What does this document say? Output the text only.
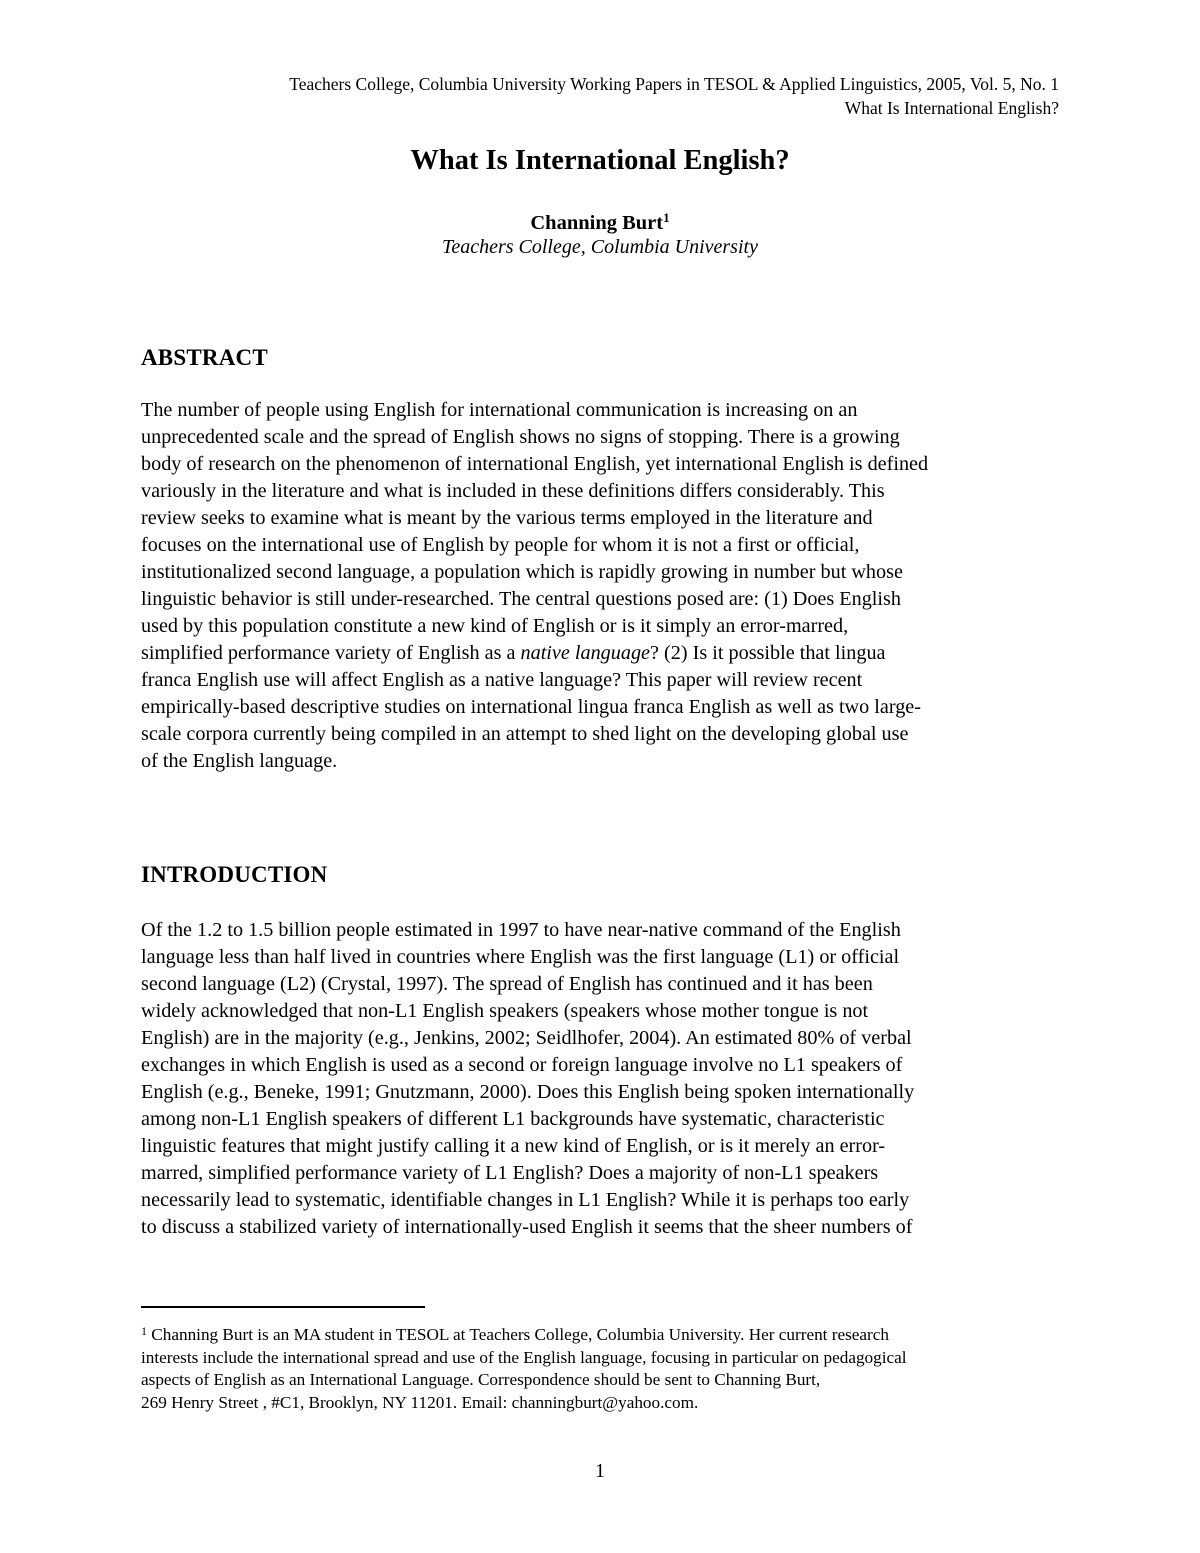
Teachers College, Columbia University Working Papers in TESOL & Applied Linguistics, 2005, Vol. 5, No. 1
What Is International English?
What Is International English?
Channing Burt$^1$
Teachers College, Columbia University
ABSTRACT
The number of people using English for international communication is increasing on an
unprecedented scale and the spread of English shows no signs of stopping. There is a growing
body of research on the phenomenon of international English, yet international English is defined
variously in the literature and what is included in these definitions differs considerably. This
review seeks to examine what is meant by the various terms employed in the literature and
focuses on the international use of English by people for whom it is not a first or official,
institutionalized second language, a population which is rapidly growing in number but whose
linguistic behavior is still under-researched. The central questions posed are: (1) Does English
used by this population constitute a new kind of English or is it simply an error-marred,
simplified performance variety of English as a native language? (2) Is it possible that lingua
franca English use will affect English as a native language? This paper will review recent
empirically-based descriptive studies on international lingua franca English as well as two large-
scale corpora currently being compiled in an attempt to shed light on the developing global use
of the English language.
INTRODUCTION
Of the 1.2 to 1.5 billion people estimated in 1997 to have near-native command of the English
language less than half lived in countries where English was the first language (L1) or official
second language (L2) (Crystal, 1997). The spread of English has continued and it has been
widely acknowledged that non-L1 English speakers (speakers whose mother tongue is not
English) are in the majority (e.g., Jenkins, 2002; Seidlhofer, 2004). An estimated 80% of verbal
exchanges in which English is used as a second or foreign language involve no L1 speakers of
English (e.g., Beneke, 1991; Gnutzmann, 2000). Does this English being spoken internationally
among non-L1 English speakers of different L1 backgrounds have systematic, characteristic
linguistic features that might justify calling it a new kind of English, or is it merely an error-
marred, simplified performance variety of L1 English? Does a majority of non-L1 speakers
necessarily lead to systematic, identifiable changes in L1 English? While it is perhaps too early
to discuss a stabilized variety of internationally-used English it seems that the sheer numbers of
$^1$ Channing Burt is an MA student in TESOL at Teachers College, Columbia University. Her current research
interests include the international spread and use of the English language, focusing in particular on pedagogical
aspects of English as an International Language. Correspondence should be sent to Channing Burt,
269 Henry Street , #C1, Brooklyn, NY 11201. Email: channingburt@yahoo.com.
1
